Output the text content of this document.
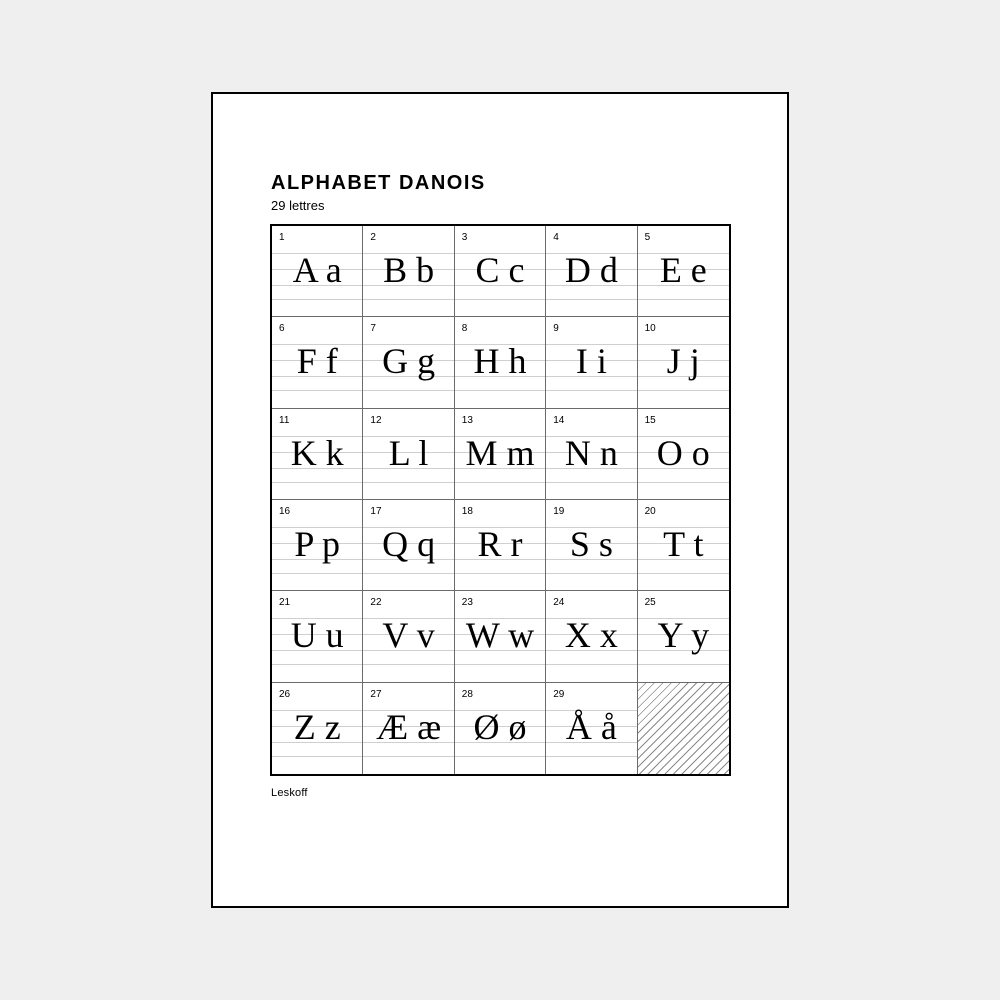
ALPHABET DANOIS
29 lettres
1
A a
2
B b
3
C c
4
D d
5
E e
6
F f
7
G g
8
H h
9
I i
10
J j
11
K k
12
L l
13
M m
14
N n
15
O o
16
P p
17
Q q
18
R r
19
S s
20
T t
21
U u
22
V v
23
W w
24
X x
25
Y y
26
Z z
27
Æ æ
28
Ø ø
29
Å å
Leskoff
